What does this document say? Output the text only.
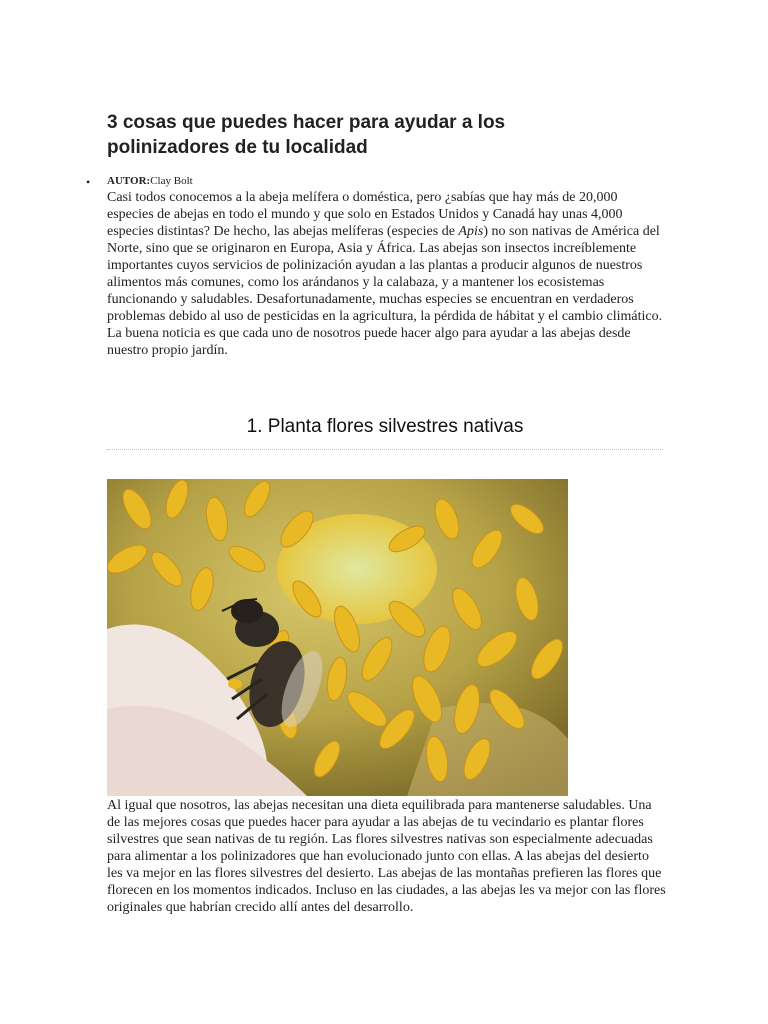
3 cosas que puedes hacer para ayudar a los polinizadores de tu localidad
• AUTOR:Clay Bolt

Casi todos conocemos a la abeja melífera o doméstica, pero ¿sabías que hay más de 20,000 especies de abejas en todo el mundo y que solo en Estados Unidos y Canadá hay unas 4,000 especies distintas? De hecho, las abejas melíferas (especies de Apis) no son nativas de América del Norte, sino que se originaron en Europa, Asia y África. Las abejas son insectos increíblemente importantes cuyos servicios de polinización ayudan a las plantas a producir algunos de nuestros alimentos más comunes, como los arándanos y la calabaza, y a mantener los ecosistemas funcionando y saludables. Desafortunadamente, muchas especies se encuentran en verdaderos problemas debido al uso de pesticidas en la agricultura, la pérdida de hábitat y el cambio climático.

La buena noticia es que cada uno de nosotros puede hacer algo para ayudar a las abejas desde nuestro propio jardín.

1. Planta flores silvestres nativas

Al igual que nosotros, las abejas necesitan una dieta equilibrada para mantenerse saludables. Una de las mejores cosas que puedes hacer para ayudar a las abejas de tu vecindario es plantar flores silvestres que sean nativas de tu región. Las flores silvestres nativas son especialmente adecuadas para alimentar a los polinizadores que han evolucionado junto con ellas. A las abejas del desierto les va mejor en las flores silvestres del desierto. Las abejas de las montañas prefieren las flores que florecen en los momentos indicados. Incluso en las ciudades, a las abejas les va mejor con las flores originales que habrían crecido allí antes del desarrollo.
